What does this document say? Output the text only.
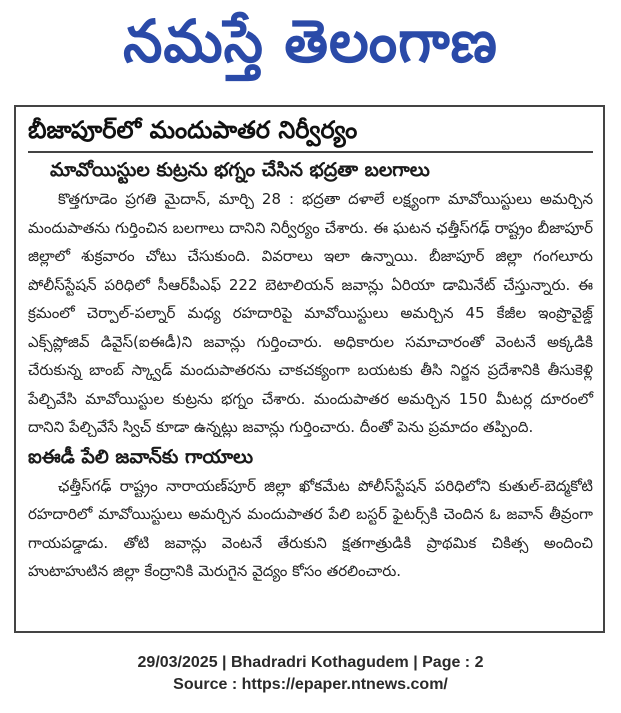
నమస్తే తెలంగాణ
బీజాపూర్‌లో మందుపాతర నిర్వీర్యం
మావోయిస్టుల కుట్రను భగ్నం చేసిన భద్రతా బలగాలు

కొత్తగూడెం ప్రగతి మైదాన్, మార్చి 28 : భద్రతా దళాలే లక్ష్యంగా మావోయిస్టులు అమర్చిన మందుపాతను గుర్తించిన బలగాలు దానిని నిర్వీర్యం చేశారు. ఈ ఘటన ఛత్తీస్‌గఢ్ రాష్ట్రం బీజాపూర్ జిల్లాలో శుక్రవారం చోటు చేసుకుంది. వివరాలు ఇలా ఉన్నాయి. బీజాపూర్ జిల్లా గంగలూరు పోలీస్‌స్టేషన్ పరిధిలో సీఆర్‌పీఎఫ్ 222 బెటాలియన్ జవాన్లు ఏరియా డామినేట్ చేస్తున్నారు. ఈ క్రమంలో చెర్పాల్-పల్నార్ మధ్య రహదారిపై మావోయిస్టులు అమర్చిన 45 కేజీల ఇంప్రొవైజ్డ్ ఎక్స్‌ప్లోజివ్ డివైస్(ఐఈడీ)ని జవాన్లు గుర్తించారు. అధికారుల సమాచారంతో వెంటనే అక్కడికి చేరుకున్న బాంబ్ స్క్వాడ్ మందుపాతరను చాకచక్యంగా బయటకు తీసి నిర్జన ప్రదేశానికి తీసుకెళ్లి పేల్చివేసి మావోయిస్టుల కుట్రను భగ్నం చేశారు. మందుపాతర అమర్చిన 150 మీటర్ల దూరంలో దానిని పేల్చివేసే స్విచ్ కూడా ఉన్నట్లు జవాన్లు గుర్తించారు. దీంతో పెను ప్రమాదం తప్పింది.

ఐఈడీ పేలి జవాన్‌కు గాయాలు

ఛత్తీస్‌గఢ్ రాష్ట్రం నారాయణ్‌పూర్ జిల్లా ఖోకమేట పోలీస్‌స్టేషన్ పరిధిలోని కుతుల్-బెద్మకోటి రహదారిలో మావోయిస్టులు అమర్చిన మందుపాతర పేలి బస్టర్ ఫైటర్స్‌కి చెందిన ఓ జవాన్ తీవ్రంగా గాయపడ్డాడు. తోటి జవాన్లు వెంటనే తేరుకుని క్షతగాత్రుడికి ప్రాథమిక చికిత్స అందించి హుటాహుటిన జిల్లా కేంద్రానికి మెరుగైన వైద్యం కోసం తరలించారు.

29/03/2025 | Bhadradri Kothagudem | Page : 2
Source : https://epaper.ntnews.com/
